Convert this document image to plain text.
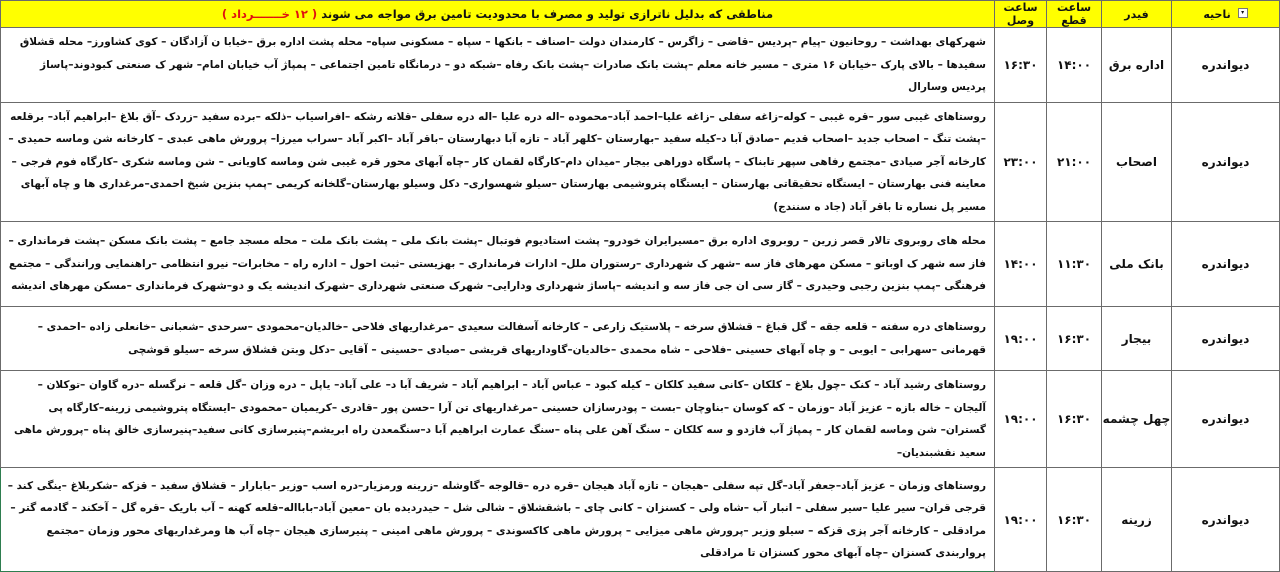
▾ ناحیه	فیدر	ساعت قطع	ساعت وصل	مناطقی که بدلیل ناترازی تولید و مصرف با محدودیت تامین برق مواجه می شوند ( ۱۲ خـــــــرداد )
دیواندره	اداره برق	۱۴:۰۰	۱۶:۳۰	شهرکهای بهداشت – روحانیون –پیام –پردیس –قاضی – زاگرس – کارمندان دولت –اصناف – بانکها – سپاه – مسکونی سپاه– محله پشت اداره برق –خیابا ن آزادگان – کوی کشاورز– محله قشلاق سفیدها – بالای پارک –خیابان ۱۶ متری – مسیر خانه معلم –پشت بانک صادرات –پشت بانک رفاه –شبکه دو – درمانگاه تامین اجتماعی – پمپاژ آب خیابان امام– شهر ک صنعتی کبودوند–پاساژ پردیس وسارال
دیواندره	اصحاب	۲۱:۰۰	۲۳:۰۰	روستاهای غیبی سور –قره غیبی – کوله–زاغه سفلی –زاغه علیا–احمد آباد–محموده –اله دره علیا –اله دره سفلی –قلاته رشکه –افراسیاب –ذلکه –برده سفید –زردک –آق بلاغ –ابراهیم آباد– برقلعه –پشت تنگ – اصحاب جدید –اصحاب قدیم –صادق آبا د–کیله سفید –بهارستان –کلهر آباد – تازه آبا دبهارستان –باقر آباد –اکبر آباد –سراب میرزا– پرورش ماهی عبدی – کارخانه شن وماسه حمیدی – کارخانه آجر صیادی –مجتمع رفاهی سپهر تابناک – پاسگاه دوراهی بیجار –میدان دام–کارگاه لقمان کار –چاه آبهای محور قره غیبی شن وماسه کاویانی – شن وماسه شکری –کارگاه فوم فرجی –معاینه فنی بهارستان – ایستگاه تحقیقاتی بهارستان – ایستگاه پتروشیمی بهارستان –سیلو شهسواری– دکل وسیلو بهارستان–گلخانه کریمی –پمپ بنزین شیخ احمدی–مرغداری ها و چاه آبهای مسیر پل نساره تا باقر آباد (جاد ه سنندج)
دیواندره	بانک ملی	۱۱:۳۰	۱۴:۰۰	محله های روبروی تالار قصر زرین – روبروی اداره برق –مسیرایران خودرو– پشت استادیوم فوتبال –پشت بانک ملی – پشت بانک ملت – محله مسجد جامع – پشت بانک مسکن –پشت فرمانداری – فاز سه شهر ک اوباتو – مسکن مهرهای فاز سه –شهر ک شهرداری –رستوران ملل– ادارات فرمانداری – بهزیستی –ثبت احول – اداره راه – مخابرات– نیرو انتظامی –راهنمایی ورانندگی – مجتمع فرهنگی –پمپ بنزین رجبی وحیدری – گاز سی ان جی فاز سه و اندیشه –پاساژ شهرداری ودارایی– شهرک صنعتی شهرداری –شهرک اندیشه یک و دو–شهرک فرمانداری –مسکن مهرهای اندیشه
دیواندره	بیجار	۱۶:۳۰	۱۹:۰۰	روستاهای دره سفته – قلعه جقه – گل قباغ – قشلاق سرخه – پلاستیک زارعی – کارخانه آسفالت سعیدی –مرغداریهای فلاحی –خالدیان–محمودی –سرحدی –شعبانی –خانعلی زاده –احمدی –قهرمانی –سهرابی – ایوبی – و چاه آبهای حسینی –فلاحی – شاه محمدی –خالدیان–گاوداریهای قریشی –صیادی –حسینی – آقایی –دکل وبتن قشلاق سرخه –سیلو قوشچی
دیواندره	چهل چشمه	۱۶:۳۰	۱۹:۰۰	روستاهای رشید آباد – کنک –چول بلاغ – کلکان –کانی سفید کلکان – کیله کبود – عباس آباد – ابراهیم آباد – شریف آبا د– علی آباد– یاپل – دره وزان –گل قلعه – نرگسله –دره گاوان –توکلان – آلیجان – خاله بازه – عزیز آباد –وزمان – که کوسان –بناوچان –بست – پودرسازان حسینی –مرغداریهای تن آرا –حسن پور –قادری –کریمیان –محمودی –ایستگاه پتروشیمی زرینه–کارگاه پی گستران– شن وماسه لقمان کار – پمپاژ آب فازدو و سه کلکان – سنگ آهن علی پناه –سنگ عمارت ابراهیم آبا د–سنگمعدن راه ابریشم–پنیرسازی کانی سفید–پنیرسازی خالق پناه –پرورش ماهی سعید نقشبندیان–
دیواندره	زرینه	۱۶:۳۰	۱۹:۰۰	روستاهای وزمان – عزیز آباد–جعفر آباد–گل تپه سفلی –هیجان – تازه آباد هیجان –قره دره –قالوجه –گاوشله –زرینه ورمزیار–دره اسب –وزیر –بابارار – قشلاق سفید – قزکه –شکربلاغ –ینگی کند –قرجی قران– سیر علیا –سیر سفلی – انبار آب –شاه ولی – کسنزان – کانی چای – باشقشلاق – شالی شل – حیدردیده بان –معین آباد–بابااله–قلعه کهنه – آب باریک –قره گل – آخکند – گادمه گتر –مرادقلی – کارخانه آجر پزی قزکه – سیلو وزیر –پرورش ماهی میزایی – پرورش ماهی کاکسوندی – پرورش ماهی امینی – پنیرسازی هیجان –چاه آب ها ومرغداریهای محور وزمان –مجتمع پرواربندی کسنزان –چاه آبهای محور کسنزان تا مرادقلی
